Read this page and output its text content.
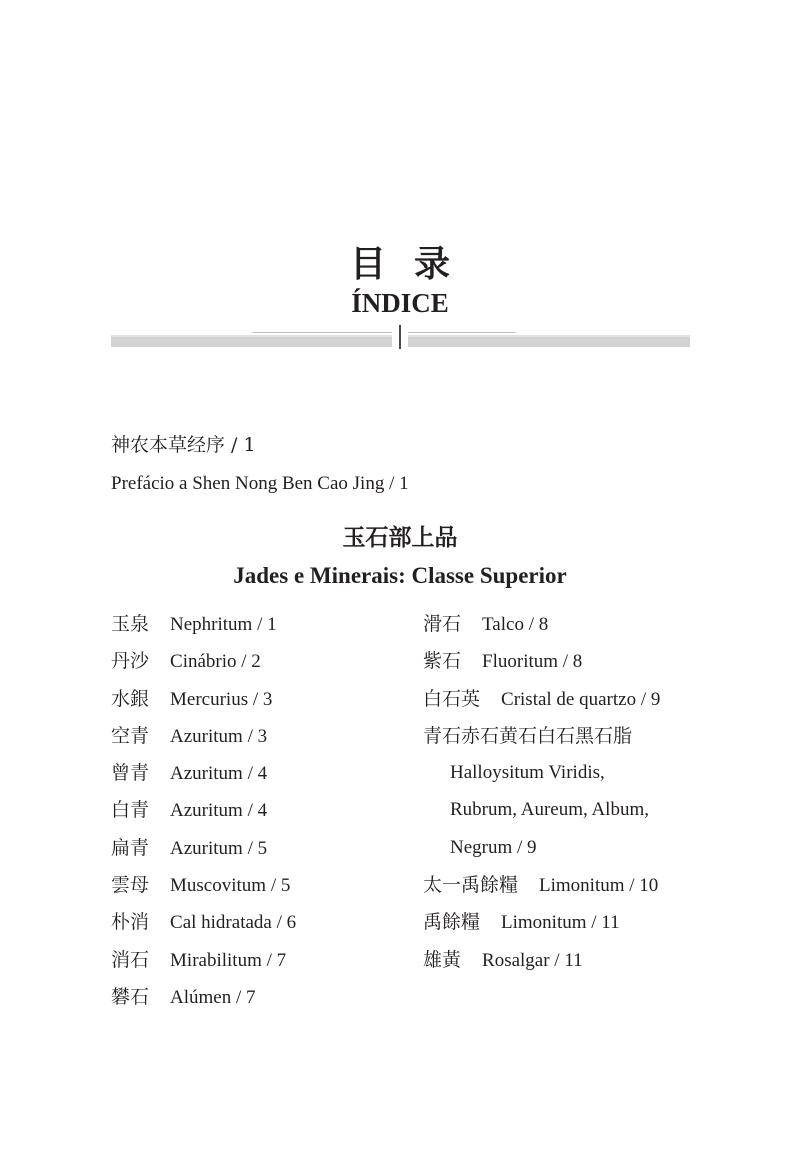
目录
ÍNDICE
神农本草经序 / 1
Prefácio a Shen Nong Ben Cao Jing / 1
玉石部上品
Jades e Minerais: Classe Superior
玉泉 Nephritum / 1
丹沙 Cinábrio / 2
水銀 Mercurius / 3
空青 Azuritum / 3
曾青 Azuritum / 4
白青 Azuritum / 4
扁青 Azuritum / 5
雲母 Muscovitum / 5
朴消 Cal hidratada / 6
消石 Mirabilitum / 7
礬石 Alúmen / 7
滑石 Talco / 8
紫石 Fluoritum / 8
白石英 Cristal de quartzo / 9
青石赤石黄石白石黑石脂
Halloysitum Viridis,
Rubrum, Aureum, Album,
Negrum / 9
太一禹餘糧 Limonitum / 10
禹餘糧 Limonitum / 11
雄黃 Rosalgar / 11
